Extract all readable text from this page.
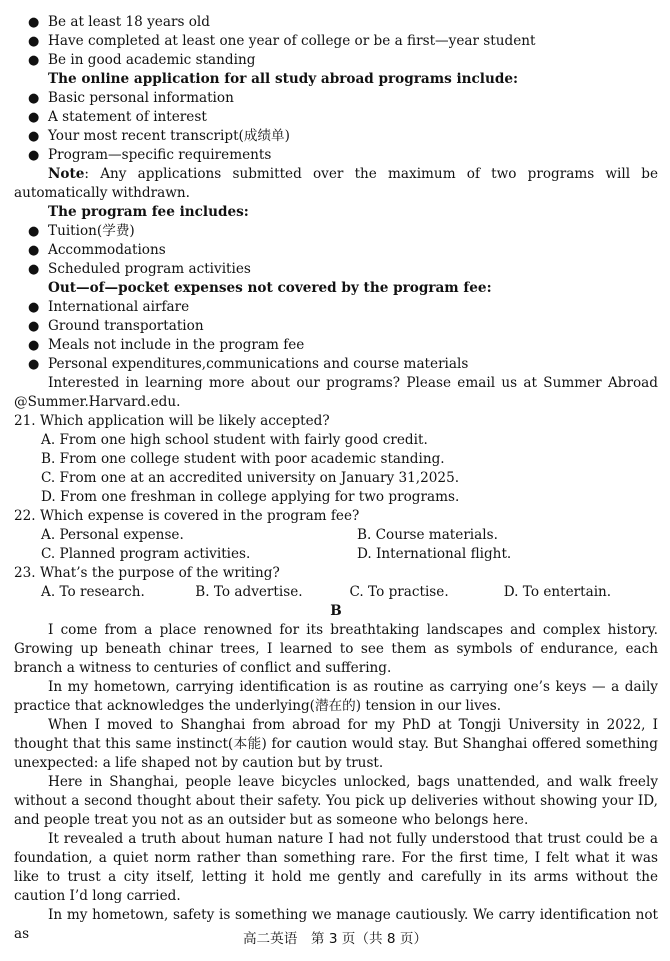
● Be at least 18 years old
● Have completed at least one year of college or be a first—year student
● Be in good academic standing
The online application for all study abroad programs include:
● Basic personal information
● A statement of interest
● Your most recent transcript(成绩单)
● Program—specific requirements
Note: Any applications submitted over the maximum of two programs will be automatically withdrawn.
The program fee includes:
● Tuition(学费)
● Accommodations
● Scheduled program activities
Out—of—pocket expenses not covered by the program fee:
● International airfare
● Ground transportation
● Meals not include in the program fee
● Personal expenditures,communications and course materials
Interested in learning more about our programs? Please email us at Summer Abroad @Summer.Harvard.edu.
21. Which application will be likely accepted?
A. From one high school student with fairly good credit.
B. From one college student with poor academic standing.
C. From one at an accredited university on January 31,2025.
D. From one freshman in college applying for two programs.
22. Which expense is covered in the program fee?
A. Personal expense.	B. Course materials.
C. Planned program activities.	D. International flight.
23. What’s the purpose of the writing?
A. To research.	B. To advertise.	C. To practise.	D. To entertain.
B
I come from a place renowned for its breathtaking landscapes and complex history. Growing up beneath chinar trees, I learned to see them as symbols of endurance, each branch a witness to centuries of conflict and suffering.
In my hometown, carrying identification is as routine as carrying one’s keys — a daily practice that acknowledges the underlying(潜在的) tension in our lives.
When I moved to Shanghai from abroad for my PhD at Tongji University in 2022, I thought that this same instinct(本能) for caution would stay. But Shanghai offered something unexpected: a life shaped not by caution but by trust.
Here in Shanghai, people leave bicycles unlocked, bags unattended, and walk freely without a second thought about their safety. You pick up deliveries without showing your ID, and people treat you not as an outsider but as someone who belongs here.
It revealed a truth about human nature I had not fully understood that trust could be a foundation, a quiet norm rather than something rare. For the first time, I felt what it was like to trust a city itself, letting it hold me gently and carefully in its arms without the caution I’d long carried.
In my hometown, safety is something we manage cautiously. We carry identification not as	高二英语　第 3 页（共 8 页）
